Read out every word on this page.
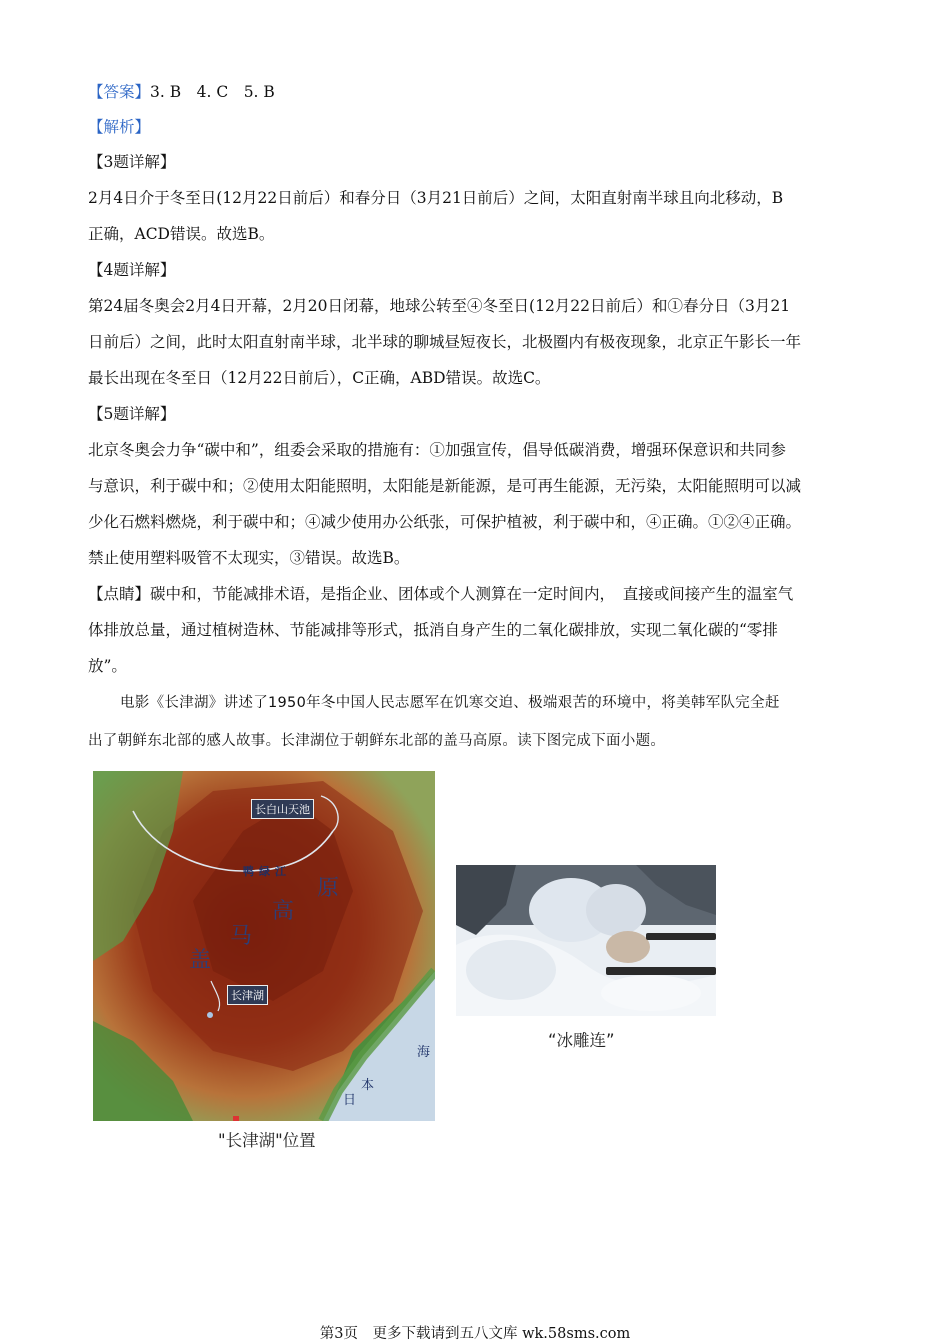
【答案】3. B　4. C　5. B
【解析】
【3题详解】
2月4日介于冬至日(12月22日前后）和春分日（3月21日前后）之间，太阳直射南半球且向北移动，B
正确，ACD错误。故选B。
【4题详解】
第24届冬奥会2月4日开幕，2月20日闭幕，地球公转至④冬至日(12月22日前后）和①春分日（3月21
日前后）之间，此时太阳直射南半球，北半球的聊城昼短夜长，北极圈内有极夜现象，北京正午影长一年
最长出现在冬至日（12月22日前后），C正确，ABD错误。故选C。
【5题详解】
北京冬奥会力争“碳中和”，组委会采取的措施有：①加强宣传，倡导低碳消费，增强环保意识和共同参
与意识，利于碳中和；②使用太阳能照明，太阳能是新能源，是可再生能源，无污染，太阳能照明可以减
少化石燃料燃烧，利于碳中和；④减少使用办公纸张，可保护植被，利于碳中和，④正确。①②④正确。
禁止使用塑料吸管不太现实，③错误。故选B。
【点睛】碳中和，节能减排术语，是指企业、团体或个人测算在一定时间内，　直接或间接产生的温室气
体排放总量，通过植树造林、节能减排等形式，抵消自身产生的二氧化碳排放，实现二氧化碳的“零排
放”。
电影《长津湖》讲述了1950年冬中国人民志愿军在饥寒交迫、极端艰苦的环境中，将美韩军队完全赶
出了朝鲜东北部的感人故事。长津湖位于朝鲜东北部的盖马高原。读下图完成下面小题。
长白山天池
鸭绿江
盖
马
高
原
长津湖
日
本
海
"长津湖"位置
“冰雕连”
第3页　更多下载请到五八文库 wk.58sms.com
